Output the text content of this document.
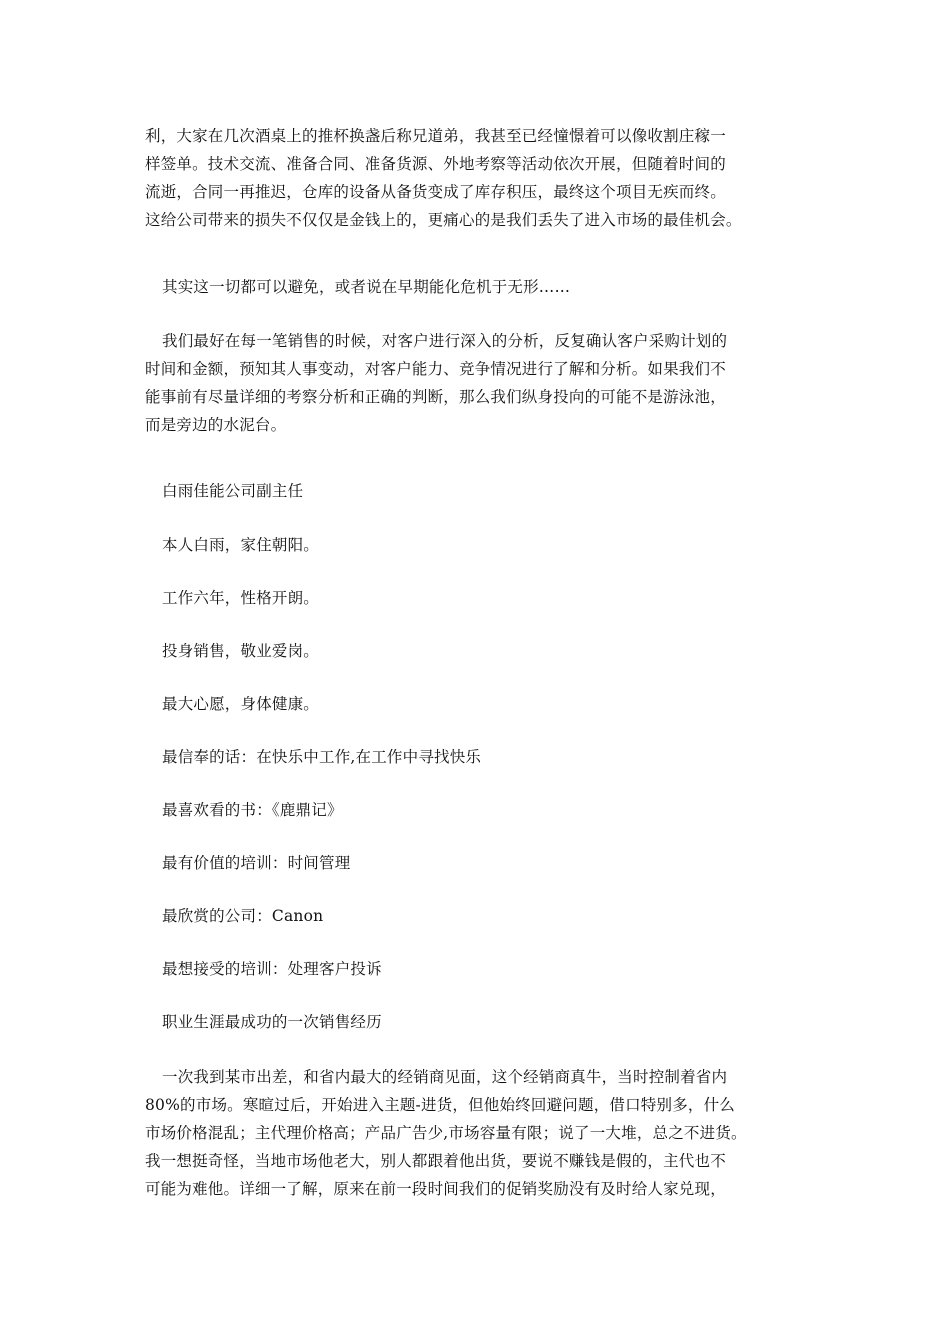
利，大家在几次酒桌上的推杯换盏后称兄道弟，我甚至已经憧憬着可以像收割庄稼一
样签单。技术交流、准备合同、准备货源、外地考察等活动依次开展，但随着时间的
流逝，合同一再推迟，仓库的设备从备货变成了库存积压，最终这个项目无疾而终。
这给公司带来的损失不仅仅是金钱上的，更痛心的是我们丢失了进入市场的最佳机会。

其实这一切都可以避免，或者说在早期能化危机于无形……

我们最好在每一笔销售的时候，对客户进行深入的分析，反复确认客户采购计划的
时间和金额，预知其人事变动，对客户能力、竞争情况进行了解和分析。如果我们不
能事前有尽量详细的考察分析和正确的判断，那么我们纵身投向的可能不是游泳池，
而是旁边的水泥台。

白雨佳能公司副主任

本人白雨，家住朝阳。

工作六年，性格开朗。

投身销售，敬业爱岗。

最大心愿，身体健康。

最信奉的话：在快乐中工作,在工作中寻找快乐

最喜欢看的书：《鹿鼎记》

最有价值的培训：时间管理

最欣赏的公司：Canon

最想接受的培训：处理客户投诉

职业生涯最成功的一次销售经历

一次我到某市出差，和省内最大的经销商见面，这个经销商真牛，当时控制着省内
80%的市场。寒暄过后，开始进入主题-进货，但他始终回避问题，借口特别多，什么
市场价格混乱；主代理价格高；产品广告少,市场容量有限；说了一大堆，总之不进货。
我一想挺奇怪，当地市场他老大，别人都跟着他出货，要说不赚钱是假的，主代也不
可能为难他。详细一了解，原来在前一段时间我们的促销奖励没有及时给人家兑现，
